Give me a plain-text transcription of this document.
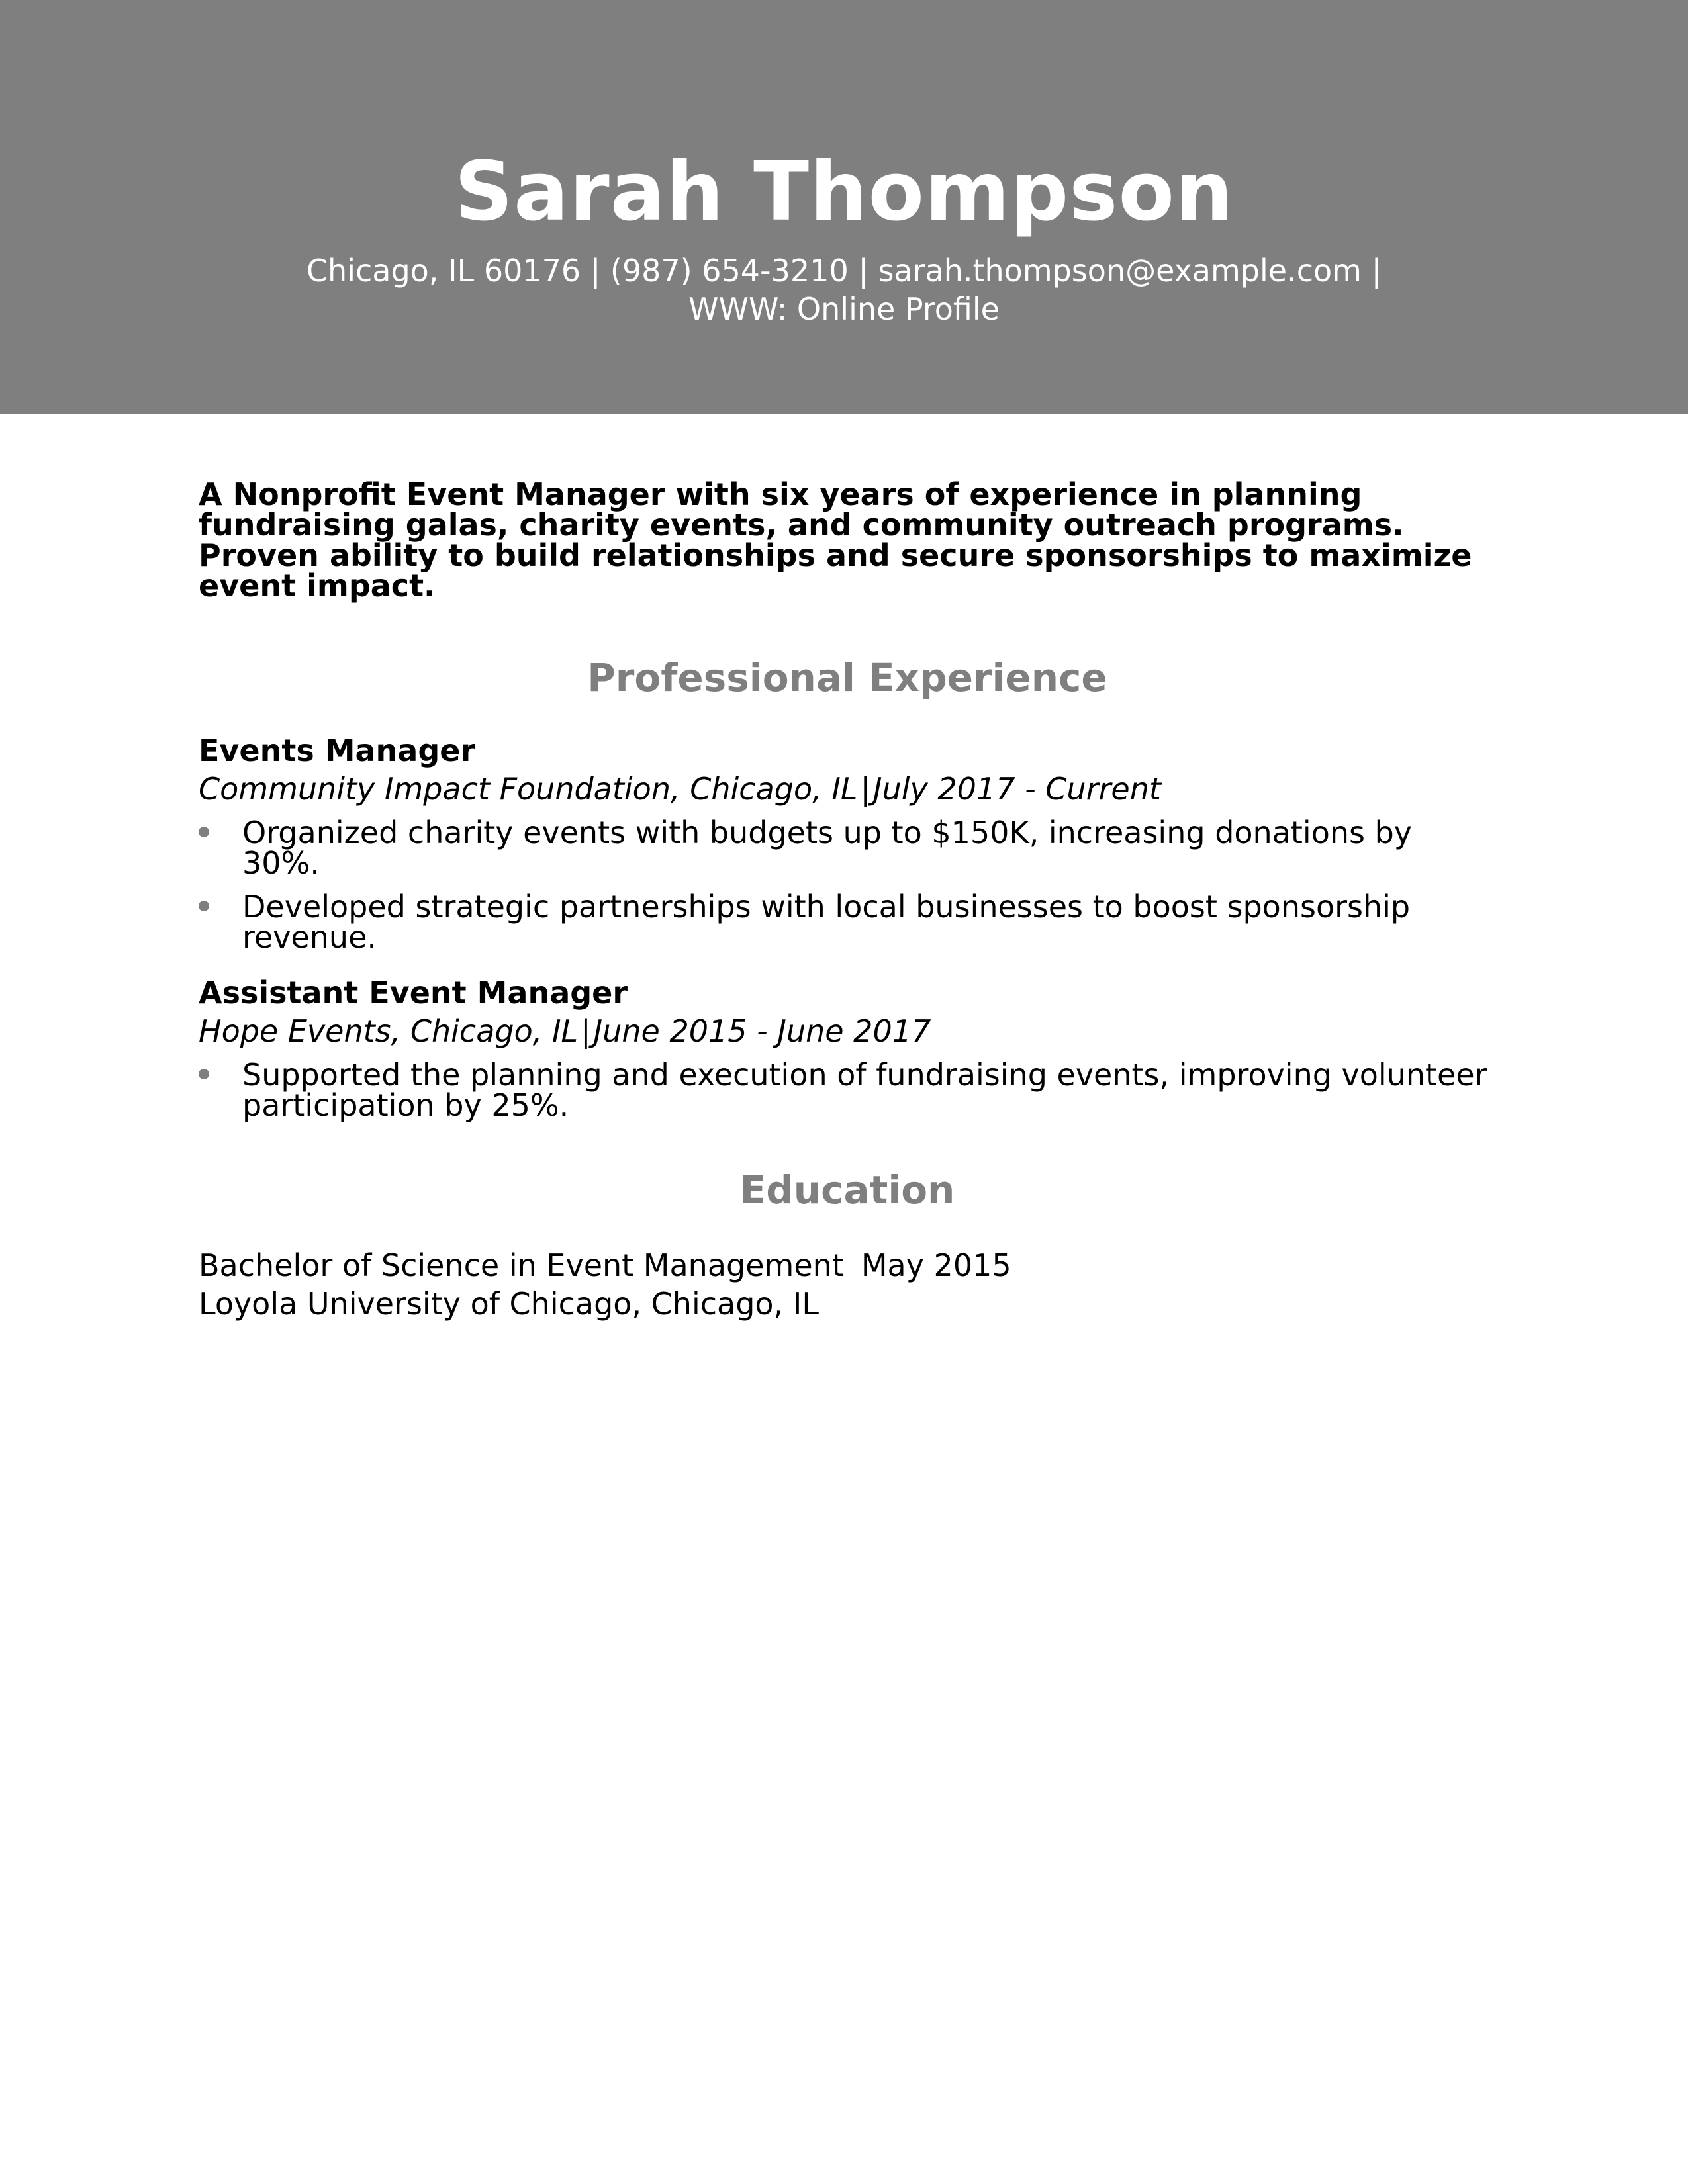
Sarah Thompson
Chicago, IL 60176 | (987) 654-3210 | sarah.thompson@example.com |
WWW: Online Profile

A Nonprofit Event Manager with six years of experience in planning fundraising galas, charity events, and community outreach programs. Proven ability to build relationships and secure sponsorships to maximize event impact.

Professional Experience
Events Manager
Community Impact Foundation, Chicago, IL|July 2017 - Current
Organized charity events with budgets up to $150K, increasing donations by 30%.
Developed strategic partnerships with local businesses to boost sponsorship revenue.
Assistant Event Manager
Hope Events, Chicago, IL|June 2015 - June 2017
Supported the planning and execution of fundraising events, improving volunteer participation by 25%.
Education
Bachelor of Science in Event Management May 2015
Loyola University of Chicago, Chicago, IL
